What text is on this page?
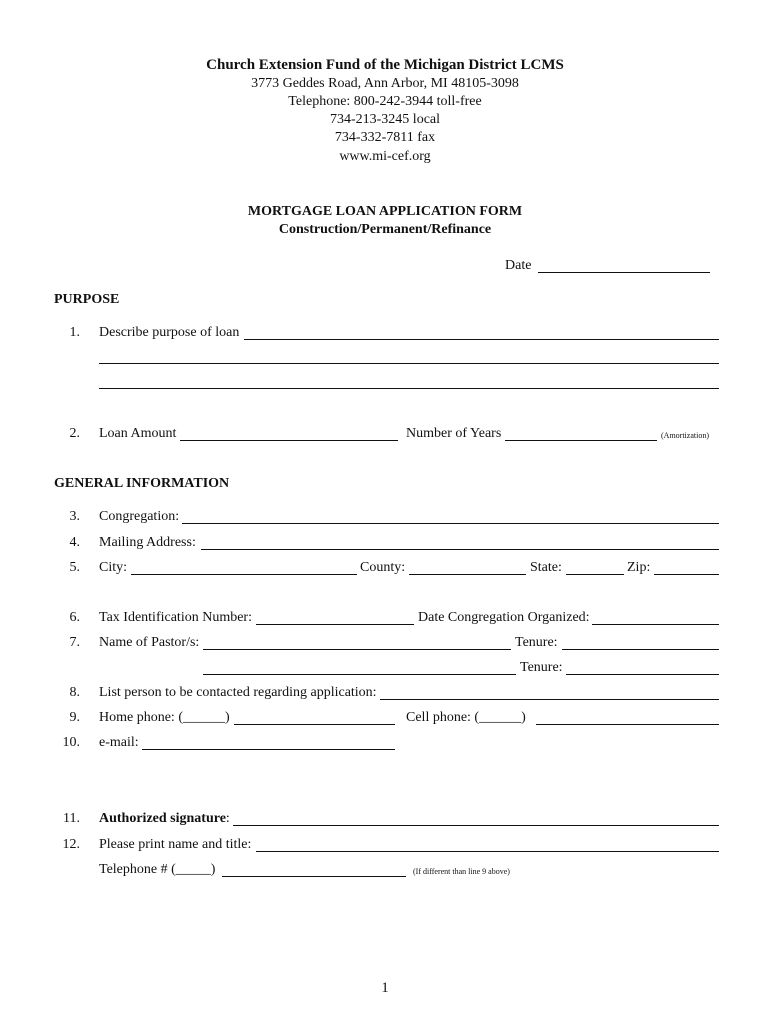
Church Extension Fund of the Michigan District LCMS
3773 Geddes Road, Ann Arbor, MI 48105-3098
Telephone: 800-242-3944 toll-free
734-213-3245 local
734-332-7811 fax
www.mi-cef.org
MORTGAGE LOAN APPLICATION FORM
Construction/Permanent/Refinance
Date
PURPOSE
1. Describe purpose of loan
2. Loan Amount	Number of Years	(Amortization)
GENERAL INFORMATION
3. Congregation:
4. Mailing Address:
5. City:	County:	State:	Zip:
6. Tax Identification Number:	Date Congregation Organized:
7. Name of Pastor/s:	Tenure:
Tenure:
8. List person to be contacted regarding application:
9. Home phone: (______)	Cell phone: (______)
10. e-mail:
11. Authorized signature:
12. Please print name and title:
Telephone # (_____)	(If different than line 9 above)
1
